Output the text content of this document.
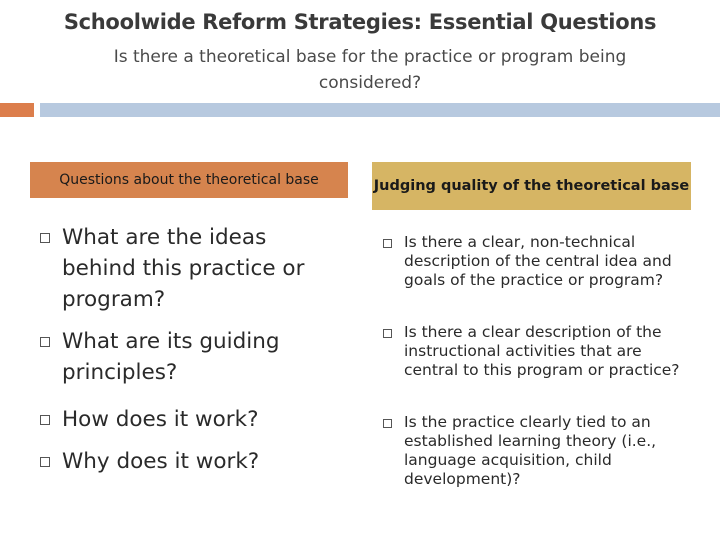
Schoolwide Reform Strategies: Essential Questions
Is there a theoretical base for the practice or program being considered?
Questions about the theoretical base	Judging quality of the theoretical base
What are the ideas behind this practice or program?
What are its guiding principles?
How does it work?
Why does it work?
Is there a clear, non-technical description of the central idea and goals of the practice or program?
Is there a clear description of the instructional activities that are central to this program or practice?
Is the practice clearly tied to an established learning theory (i.e., language acquisition, child development)?
